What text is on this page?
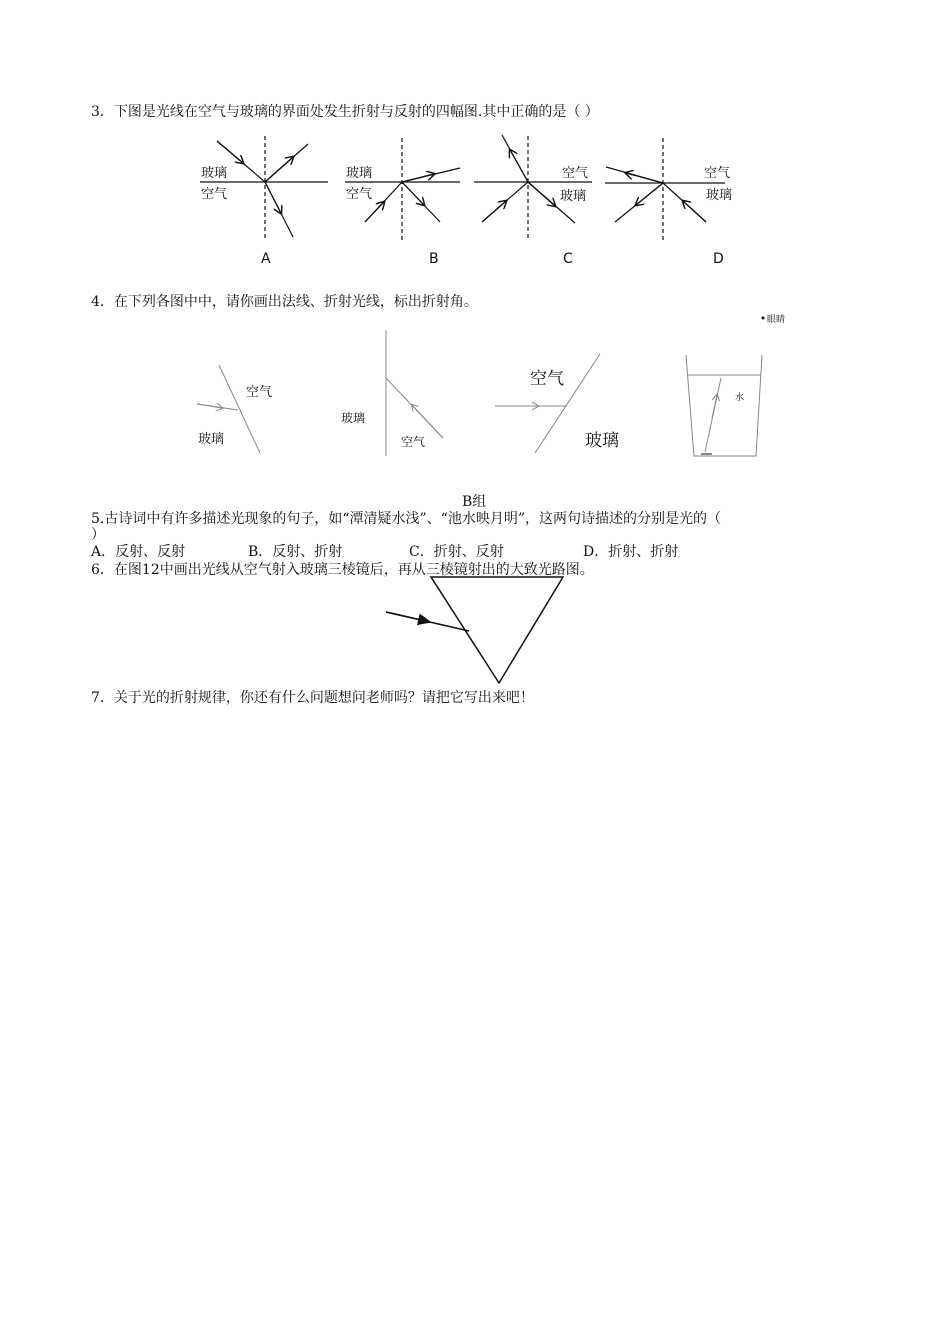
3．下图是光线在空气与玻璃的界面处发生折射与反射的四幅图.其中正确的是（ ）
玻璃
空气
A
玻璃
空气
B
空气
玻璃
C
空气
玻璃
D
眼睛
空气
玻璃
玻璃
空气
空气
玻璃
水
4．在下列各图中中，请你画出法线、折射光线，标出折射角。
B组
5.古诗词中有许多描述光现象的句子，如“潭清疑水浅”、“池水映月明”，这两句诗描述的分别是光的（
）
A．反射、反射	B．反射、折射	C．折射、反射	D．折射、折射
6．在图12中画出光线从空气射入玻璃三棱镜后，再从三棱镜射出的大致光路图。
7．关于光的折射规律，你还有什么问题想问老师吗？请把它写出来吧！
